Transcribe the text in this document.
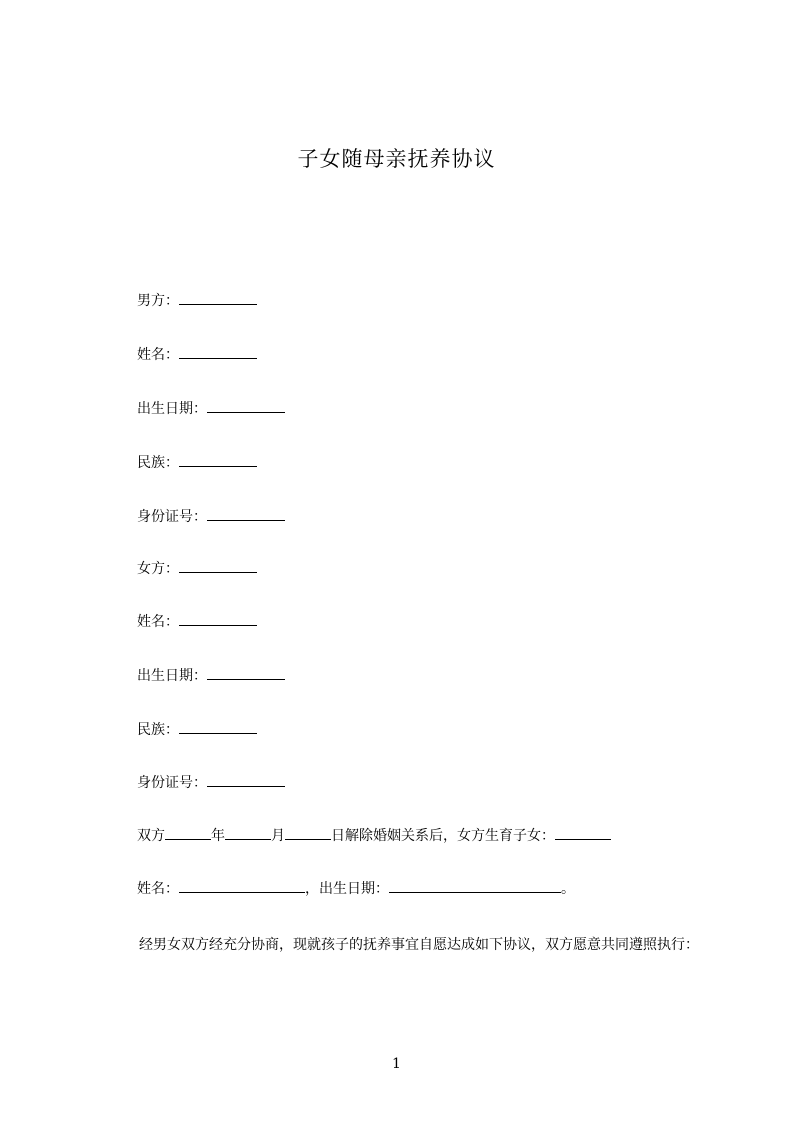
子女随母亲抚养协议
男方：
姓名：
出生日期：
民族：
身份证号：
女方：
姓名：
出生日期：
民族：
身份证号：
双方	年	月	日解除婚姻关系后，女方生育子女：
姓名：	，出生日期：	。
经男女双方经充分协商，现就孩子的抚养事宜自愿达成如下协议，双方愿意共同遵照执行：
1
